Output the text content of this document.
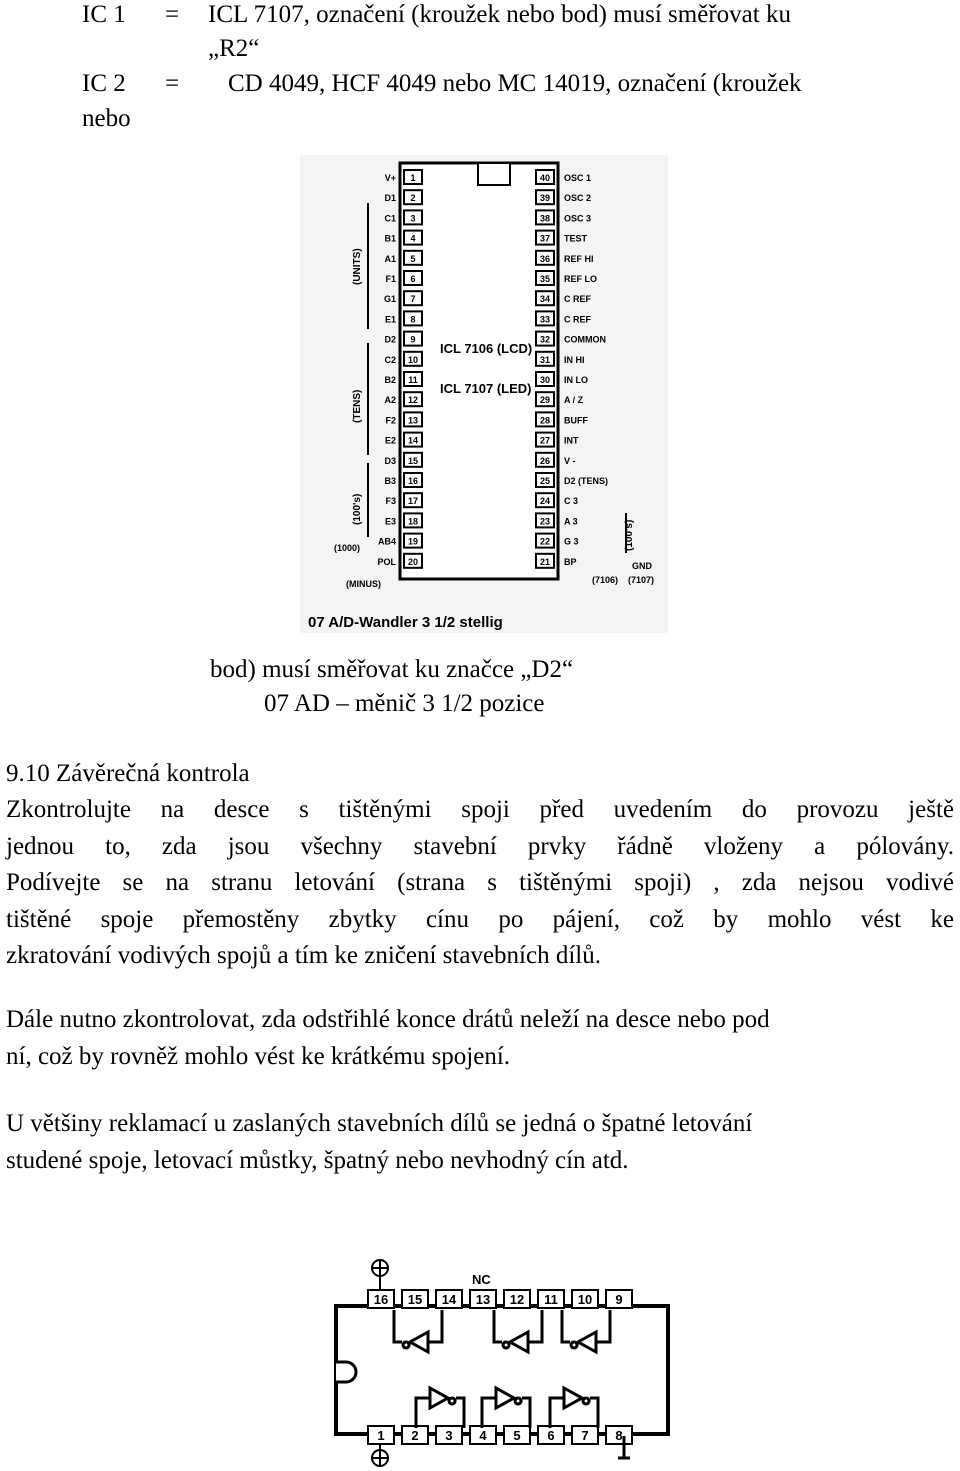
IC 1 = ICL 7107, označení (kroužek nebo bod) musí směřovat ku
„R2“
IC 2 = CD 4049, HCF 4049 nebo MC 14019, označení (kroužek
nebo
1
V+
2
D1
3
C1
4
B1
5
A1
6
F1
7
G1
8
E1
9
D2
10
C2
11
B2
12
A2
13
F2
14
E2
15
D3
16
B3
17
F3
18
E3
19
AB4
20
POL
40 OSC 1
39 OSC 2
38 OSC 3
37 TEST
36 REF HI
35 REF LO
34 C REF
33 C REF
32 COMMON
31 IN HI
30 IN LO
29 A / Z
28 BUFF
27 INT
26 V -
25 D2 (TENS)
24 C 3
23 A 3
22 G 3
21 BP
ICL 7106 (LCD)
ICL 7107 (LED)
(UNITS)
(TENS)
(100's)
(1000)
(MINUS)
(100's)
GND
(7107)
(7106)
07 A/D-Wandler 3 1/2 stellig
bod) musí směřovat ku značce „D2“
07 AD – měnič 3 1/2 pozice
9.10 Závěrečná kontrola
Zkontrolujte na desce s tištěnými spoji před uvedením do provozu ještě
jednou to, zda jsou všechny stavební prvky řádně vloženy a pólovány.
Podívejte se na stranu letování (strana s tištěnými spoji) , zda nejsou vodivé
tištěné spoje přemostěny zbytky cínu po pájení, což by mohlo vést ke
zkratování vodivých spojů a tím ke zničení stavebních dílů.
Dále nutno zkontrolovat, zda odstřihlé konce drátů neleží na desce nebo pod
ní, což by rovněž mohlo vést ke krátkému spojení.
U většiny reklamací u zaslaných stavebních dílů se jedná o špatné letování
studené spoje, letovací můstky, špatný nebo nevhodný cín atd.
NC
16 15 14 13 12 11 10 9
1 2 3 4 5 6 7 8
